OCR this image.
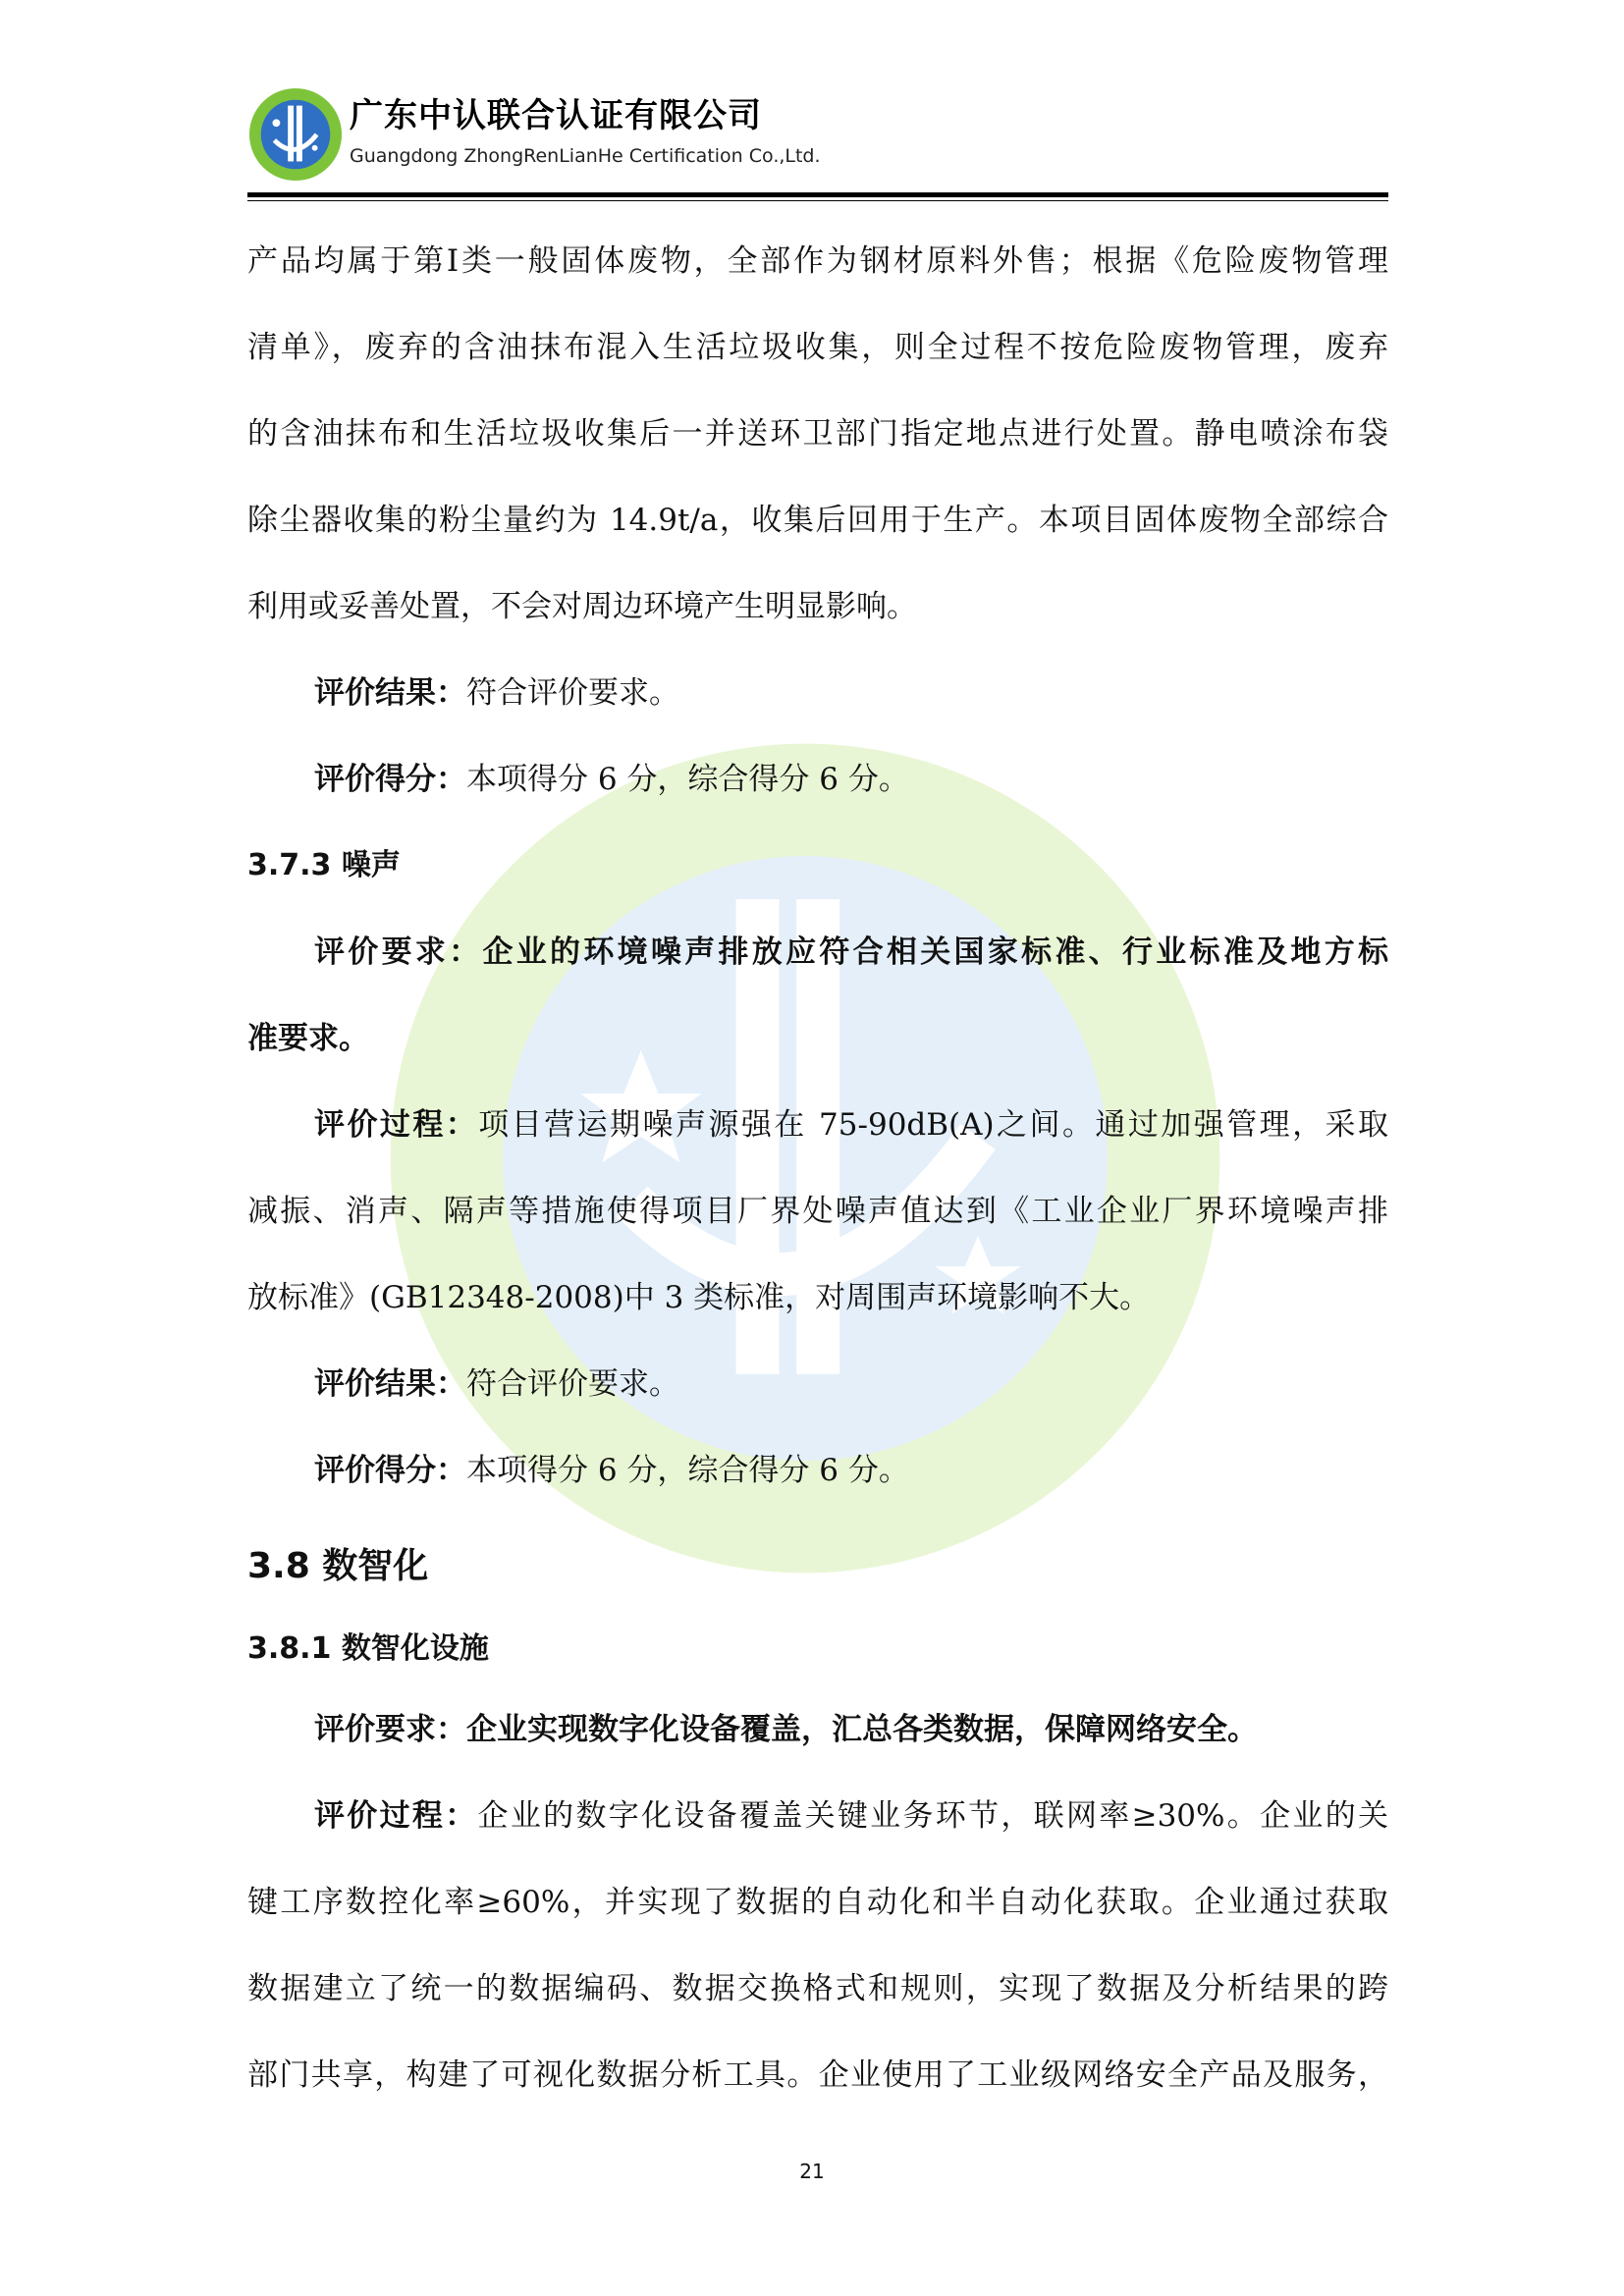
广东中认联合认证有限公司
Guangdong ZhongRenLianHe Certification Co.,Ltd.
产品均属于第I类一般固体废物，全部作为钢材原料外售；根据《危险废物管理
清单》，废弃的含油抹布混入生活垃圾收集，则全过程不按危险废物管理，废弃
的含油抹布和生活垃圾收集后一并送环卫部门指定地点进行处置。静电喷涂布袋
除尘器收集的粉尘量约为 14.9t/a，收集后回用于生产。本项目固体废物全部综合
利用或妥善处置，不会对周边环境产生明显影响。
评价结果：符合评价要求。
评价得分：本项得分 6 分，综合得分 6 分。
3.7.3 噪声
评价要求：企业的环境噪声排放应符合相关国家标准、行业标准及地方标
准要求。
评价过程：项目营运期噪声源强在 75-90dB(A)之间。通过加强管理，采取
减振、消声、隔声等措施使得项目厂界处噪声值达到《工业企业厂界环境噪声排
放标准》(GB12348-2008)中 3 类标准，对周围声环境影响不大。
评价结果：符合评价要求。
评价得分：本项得分 6 分，综合得分 6 分。
3.8 数智化
3.8.1 数智化设施
评价要求：企业实现数字化设备覆盖，汇总各类数据，保障网络安全。
评价过程：企业的数字化设备覆盖关键业务环节，联网率≥30%。企业的关
键工序数控化率≥60%，并实现了数据的自动化和半自动化获取。企业通过获取
数据建立了统一的数据编码、数据交换格式和规则，实现了数据及分析结果的跨
部门共享，构建了可视化数据分析工具。企业使用了工业级网络安全产品及服务，
21
